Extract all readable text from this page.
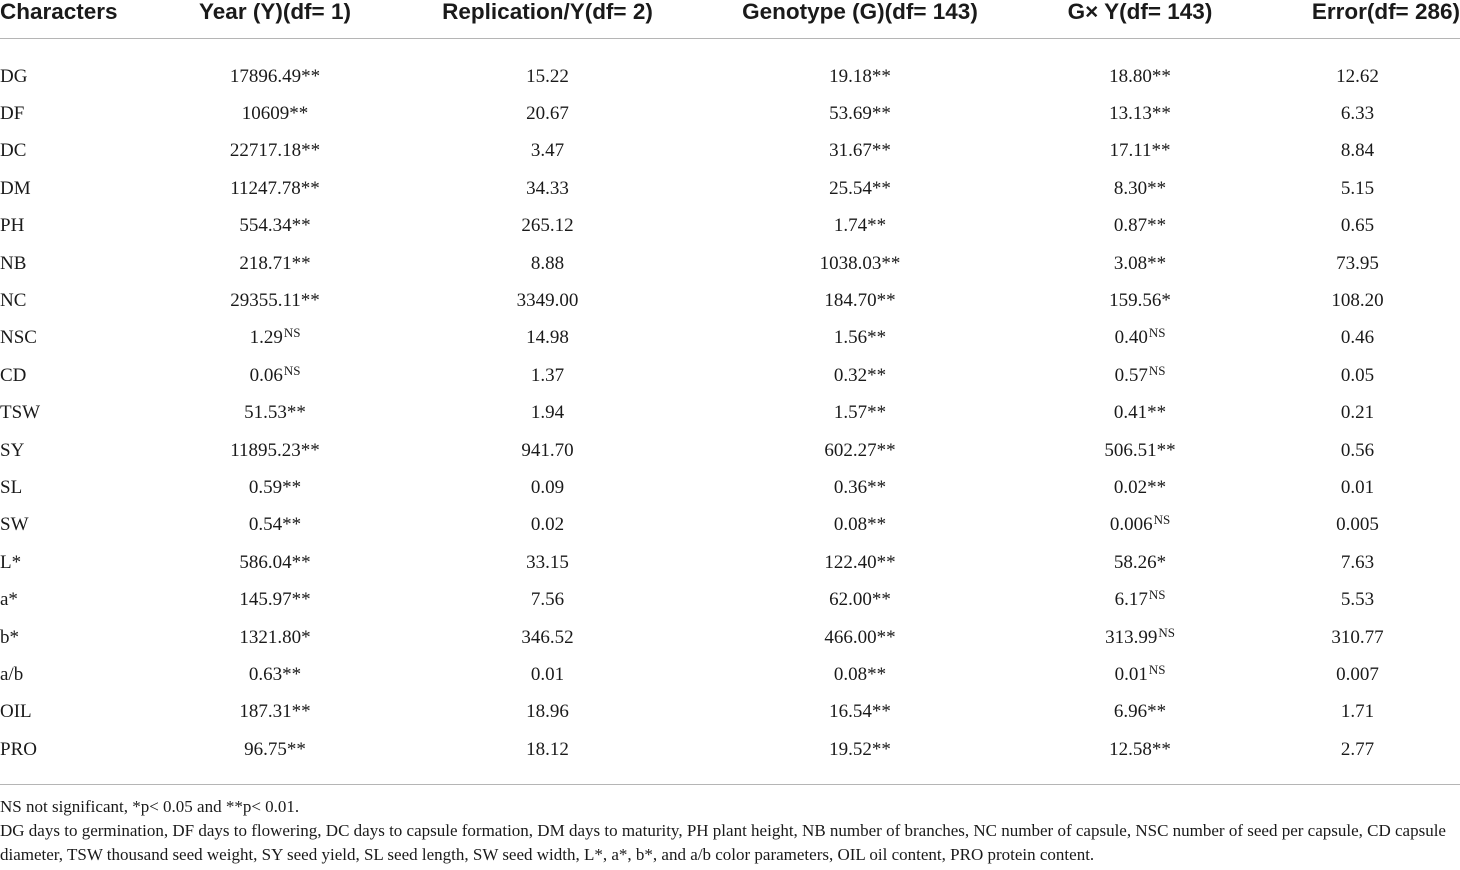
Characters	Year (Y)(df= 1)	Replication/Y(df= 2)	Genotype (G)(df= 143)	G× Y(df= 143)	Error(df= 286)

DG	17896.49**	15.22	19.18**	18.80**	12.62
DF	10609**	20.67	53.69**	13.13**	6.33
DC	22717.18**	3.47	31.67**	17.11**	8.84
DM	11247.78**	34.33	25.54**	8.30**	5.15
PH	554.34**	265.12	1.74**	0.87**	0.65
NB	218.71**	8.88	1038.03**	3.08**	73.95
NC	29355.11**	3349.00	184.70**	159.56*	108.20
NSC	$1.29^{NS}$	14.98	1.56**	$0.40^{NS}$	0.46
CD	$0.06^{NS}$	1.37	0.32**	$0.57^{NS}$	0.05
TSW	51.53**	1.94	1.57**	0.41**	0.21
SY	11895.23**	941.70	602.27**	506.51**	0.56
SL	0.59**	0.09	0.36**	0.02**	0.01
SW	0.54**	0.02	0.08**	$0.006^{NS}$	0.005
L*	586.04**	33.15	122.40**	58.26*	7.63
a*	145.97**	7.56	62.00**	$6.17^{NS}$	5.53
b*	1321.80*	346.52	466.00**	$313.99^{NS}$	310.77
a/b	0.63**	0.01	0.08**	$0.01^{NS}$	0.007
OIL	187.31**	18.96	16.54**	6.96**	1.71
PRO	96.75**	18.12	19.52**	12.58**	2.77

NS not significant, *p< 0.05 and **p< 0.01.

DG days to germination, DF days to flowering, DC days to capsule formation, DM days to maturity, PH plant height, NB number of branches, NC number of capsule, NSC number of seed per capsule, CD capsule diameter, TSW thousand seed weight, SY seed yield, SL seed length, SW seed width, L*, a*, b*, and a/b color parameters, OIL oil content, PRO protein content.
